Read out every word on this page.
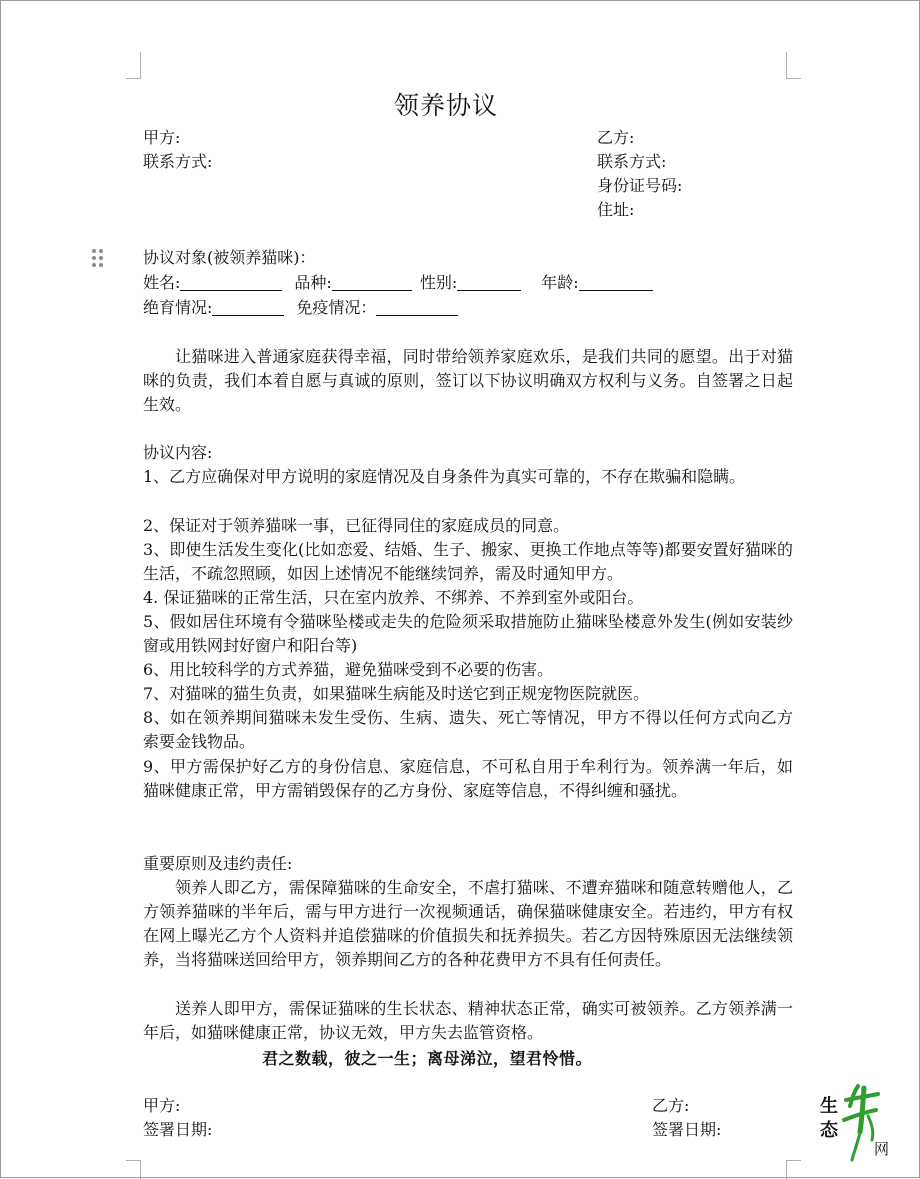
领养协议
甲方:
联系方式:
乙方:
联系方式:
身份证号码:
住址:
协议对象(被领养猫咪)：
姓名:	品种:	性别:	年龄:
绝育情况:	免疫情况：
让猫咪进入普通家庭获得幸福，同时带给领养家庭欢乐，是我们共同的愿望。出于对猫咪的负责，我们本着自愿与真诚的原则，签订以下协议明确双方权利与义务。自签署之日起生效。
协议内容:
1、乙方应确保对甲方说明的家庭情况及自身条件为真实可靠的，不存在欺骗和隐瞒。
2、保证对于领养猫咪一事，已征得同住的家庭成员的同意。
3、即使生活发生变化(比如恋爱、结婚、生子、搬家、更换工作地点等等)都要安置好猫咪的生活，不疏忽照顾，如因上述情况不能继续饲养，需及时通知甲方。
4. 保证猫咪的正常生活，只在室内放养、不绑养、不养到室外或阳台。
5、假如居住环境有令猫咪坠楼或走失的危险须采取措施防止猫咪坠楼意外发生(例如安装纱窗或用铁网封好窗户和阳台等)
6、用比较科学的方式养猫，避免猫咪受到不必要的伤害。
7、对猫咪的猫生负责，如果猫咪生病能及时送它到正规宠物医院就医。
8、如在领养期间猫咪未发生受伤、生病、遗失、死亡等情况，甲方不得以任何方式向乙方索要金钱物品。
9、甲方需保护好乙方的身份信息、家庭信息，不可私自用于牟利行为。领养满一年后，如猫咪健康正常，甲方需销毁保存的乙方身份、家庭等信息，不得纠缠和骚扰。
重要原则及违约责任:
领养人即乙方，需保障猫咪的生命安全，不虐打猫咪、不遭弃猫咪和随意转赠他人，乙方领养猫咪的半年后，需与甲方进行一次视频通话，确保猫咪健康安全。若违约，甲方有权在网上曝光乙方个人资料并追偿猫咪的价值损失和抚养损失。若乙方因特殊原因无法继续领养，当将猫咪送回给甲方，领养期间乙方的各种花费甲方不具有任何责任。
送养人即甲方，需保证猫咪的生长状态、精神状态正常，确实可被领养。乙方领养满一年后，如猫咪健康正常，协议无效，甲方失去监管资格。
君之数载，彼之一生；离母涕泣，望君怜惜。
甲方:
签署日期:
乙方:
签署日期:
生
态
网
